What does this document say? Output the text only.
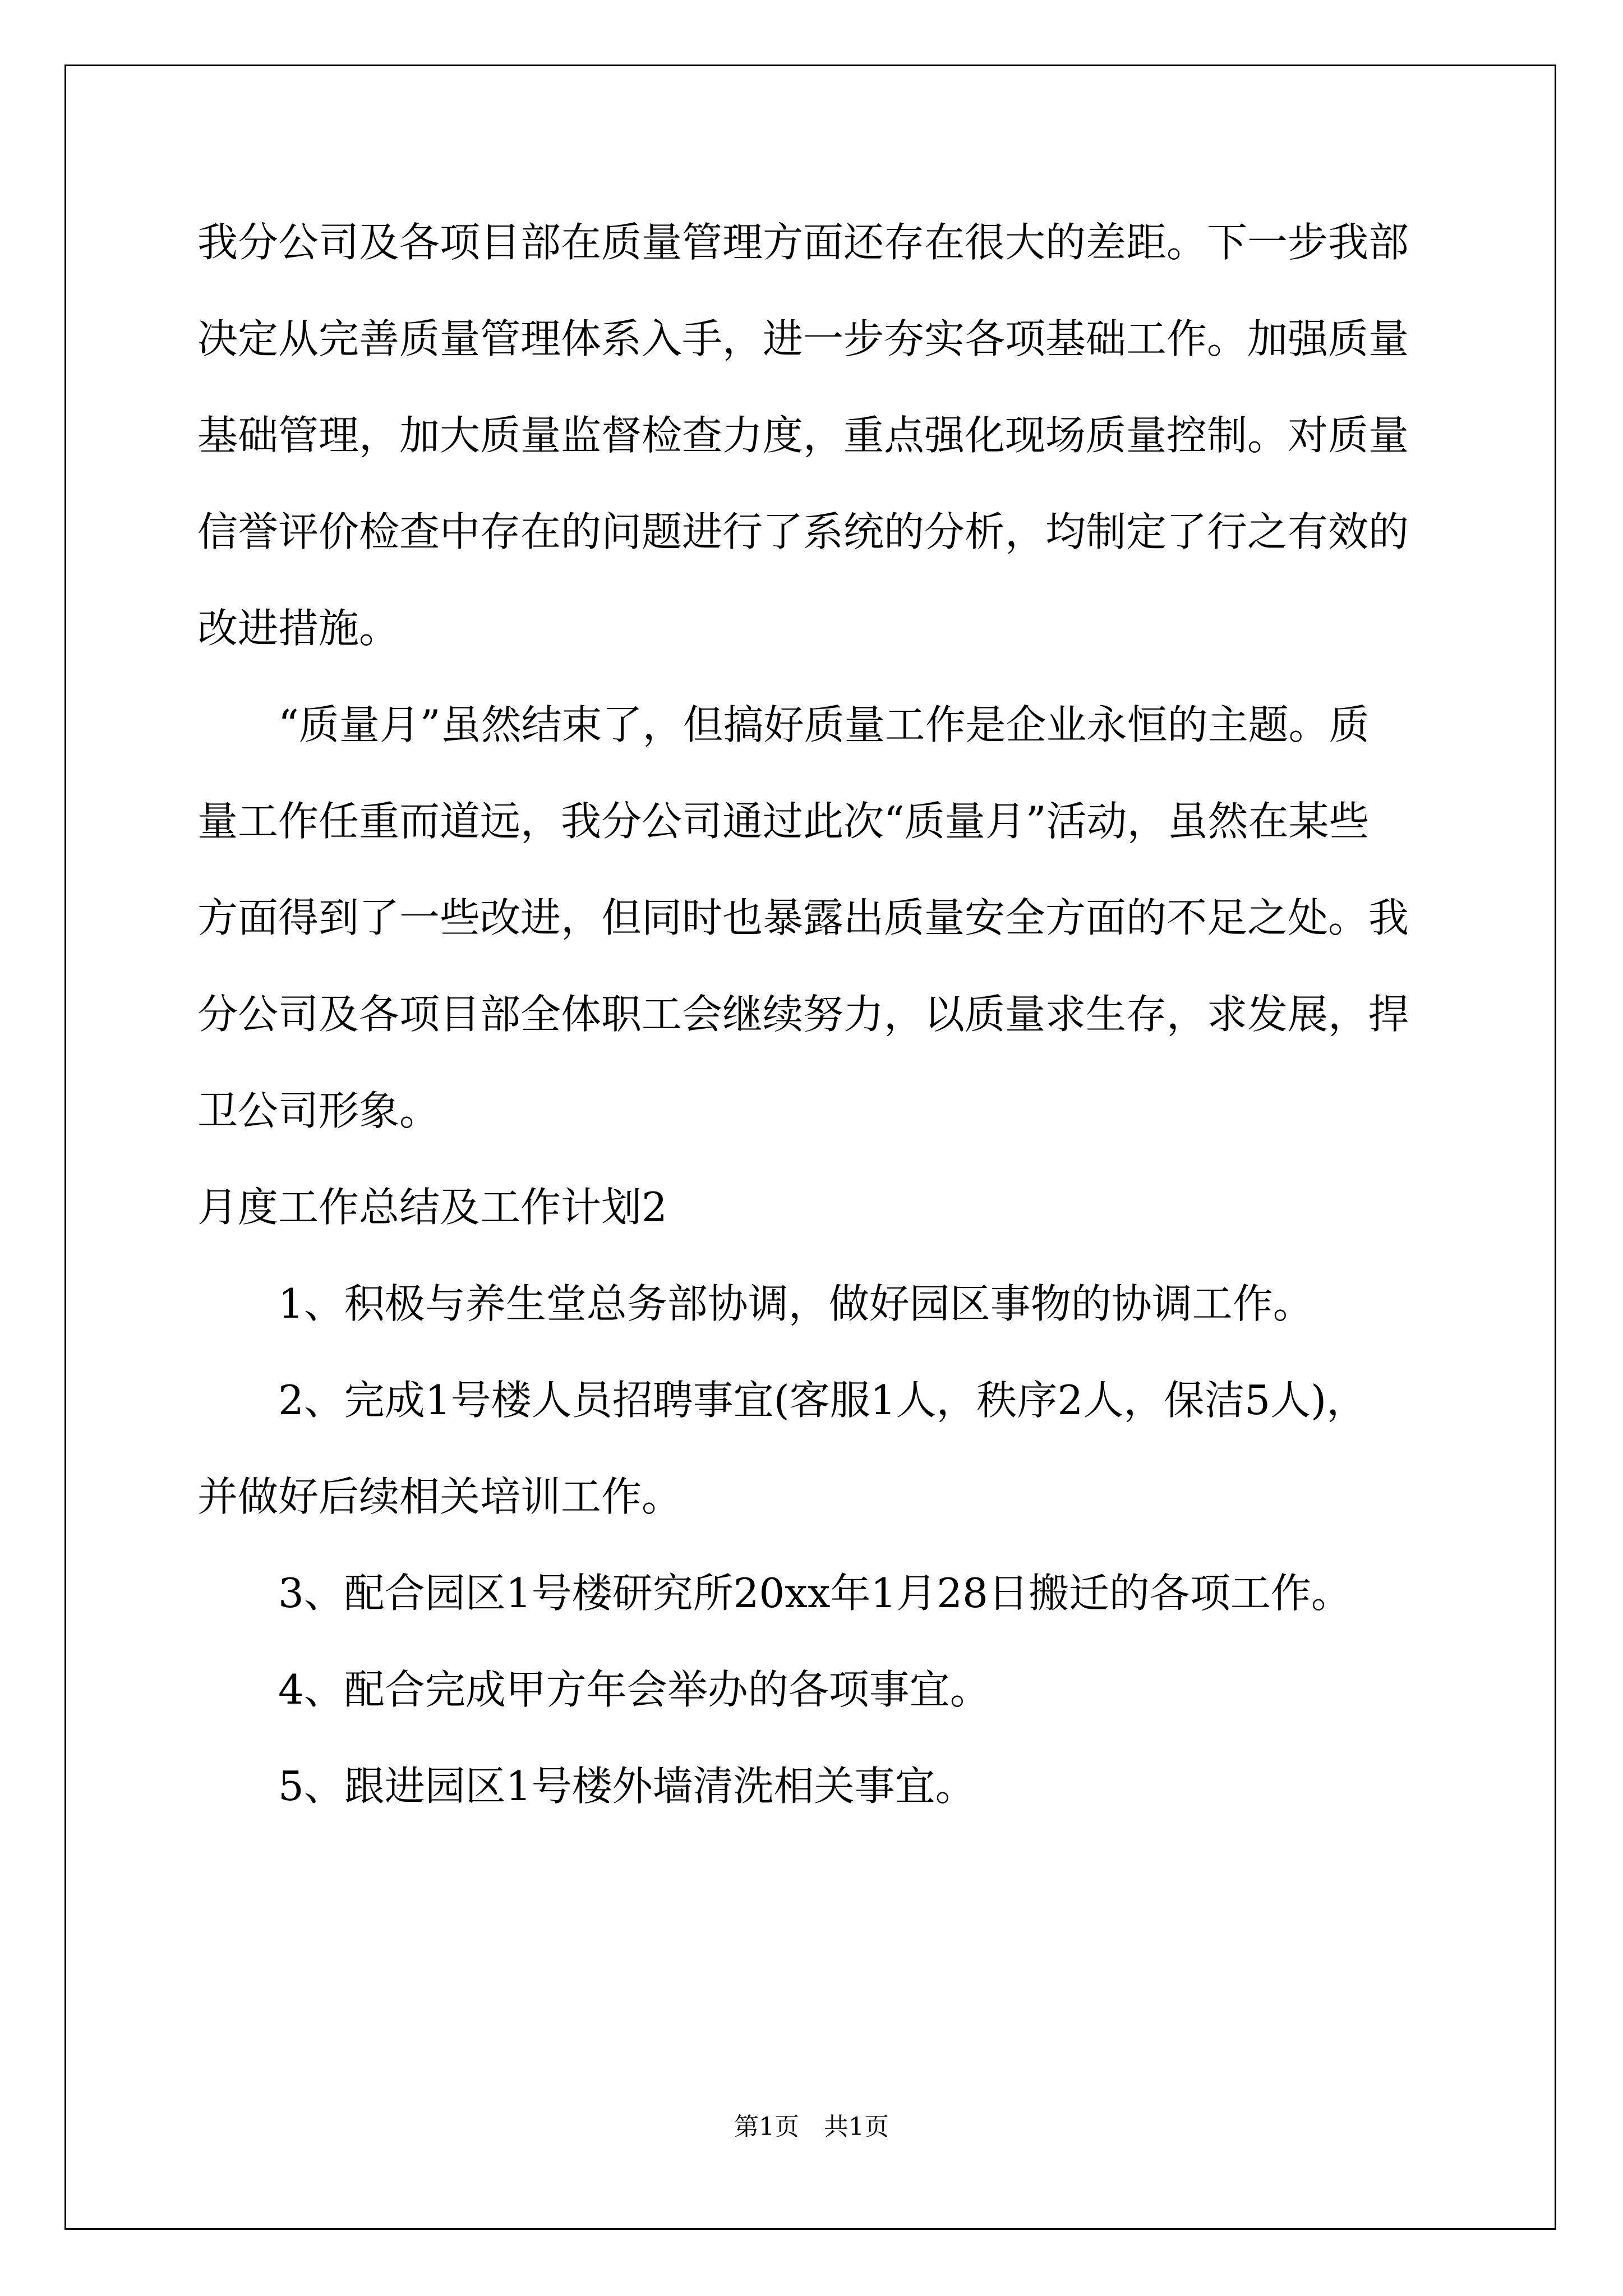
我分公司及各项目部在质量管理方面还存在很大的差距。下一步我部
决定从完善质量管理体系入手，进一步夯实各项基础工作。加强质量
基础管理，加大质量监督检查力度，重点强化现场质量控制。对质量
信誉评价检查中存在的问题进行了系统的分析，均制定了行之有效的
改进措施。
“质量月”虽然结束了，但搞好质量工作是企业永恒的主题。质
量工作任重而道远，我分公司通过此次“质量月”活动，虽然在某些
方面得到了一些改进，但同时也暴露出质量安全方面的不足之处。我
分公司及各项目部全体职工会继续努力，以质量求生存，求发展，捍
卫公司形象。
月度工作总结及工作计划2
1、积极与养生堂总务部协调，做好园区事物的协调工作。
2、完成1号楼人员招聘事宜(客服1人，秩序2人，保洁5人)，
并做好后续相关培训工作。
3、配合园区1号楼研究所20xx年1月28日搬迁的各项工作。
4、配合完成甲方年会举办的各项事宜。
5、跟进园区1号楼外墙清洗相关事宜。
第1页　共1页
